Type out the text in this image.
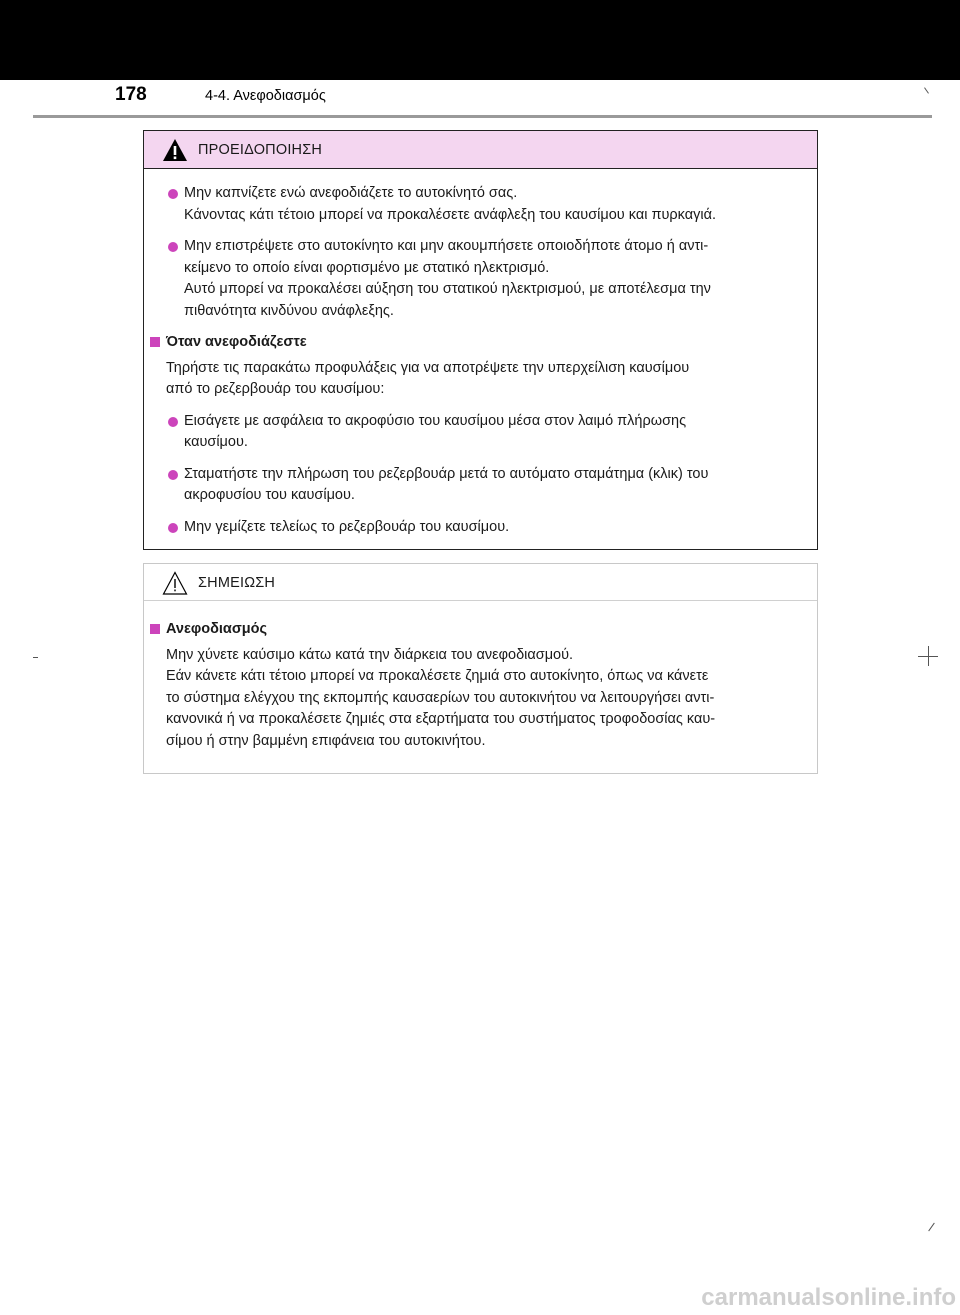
178	4-4. Ανεφοδιασμός
ΠΡΟΕΙΔΟΠΟΙΗΣΗ
Μην καπνίζετε ενώ ανεφοδιάζετε το αυτοκίνητό σας.
Κάνοντας κάτι τέτοιο μπορεί να προκαλέσετε ανάφλεξη του καυσίμου και πυρκαγιά.
Μην επιστρέψετε στο αυτοκίνητο και μην ακουμπήσετε οποιοδήποτε άτομο ή αντι-
κείμενο το οποίο είναι φορτισμένο με στατικό ηλεκτρισμό.
Αυτό μπορεί να προκαλέσει αύξηση του στατικού ηλεκτρισμού, με αποτέλεσμα την
πιθανότητα κινδύνου ανάφλεξης.
Όταν ανεφοδιάζεστε
Τηρήστε τις παρακάτω προφυλάξεις για να αποτρέψετε την υπερχείλιση καυσίμου
από το ρεζερβουάρ του καυσίμου:
Εισάγετε με ασφάλεια το ακροφύσιο του καυσίμου μέσα στον λαιμό πλήρωσης
καυσίμου.
Σταματήστε την πλήρωση του ρεζερβουάρ μετά το αυτόματο σταμάτημα (κλικ) του
ακροφυσίου του καυσίμου.
Μην γεμίζετε τελείως το ρεζερβουάρ του καυσίμου.
ΣΗΜΕΙΩΣΗ
Ανεφοδιασμός
Μην χύνετε καύσιμο κάτω κατά την διάρκεια του ανεφοδιασμού.
Εάν κάνετε κάτι τέτοιο μπορεί να προκαλέσετε ζημιά στο αυτοκίνητο, όπως να κάνετε
το σύστημα ελέγχου της εκπομπής καυσαερίων του αυτοκινήτου να λειτουργήσει αντι-
κανονικά ή να προκαλέσετε ζημιές στα εξαρτήματα του συστήματος τροφοδοσίας καυ-
σίμου ή στην βαμμένη επιφάνεια του αυτοκινήτου.
carmanualsonline.info
